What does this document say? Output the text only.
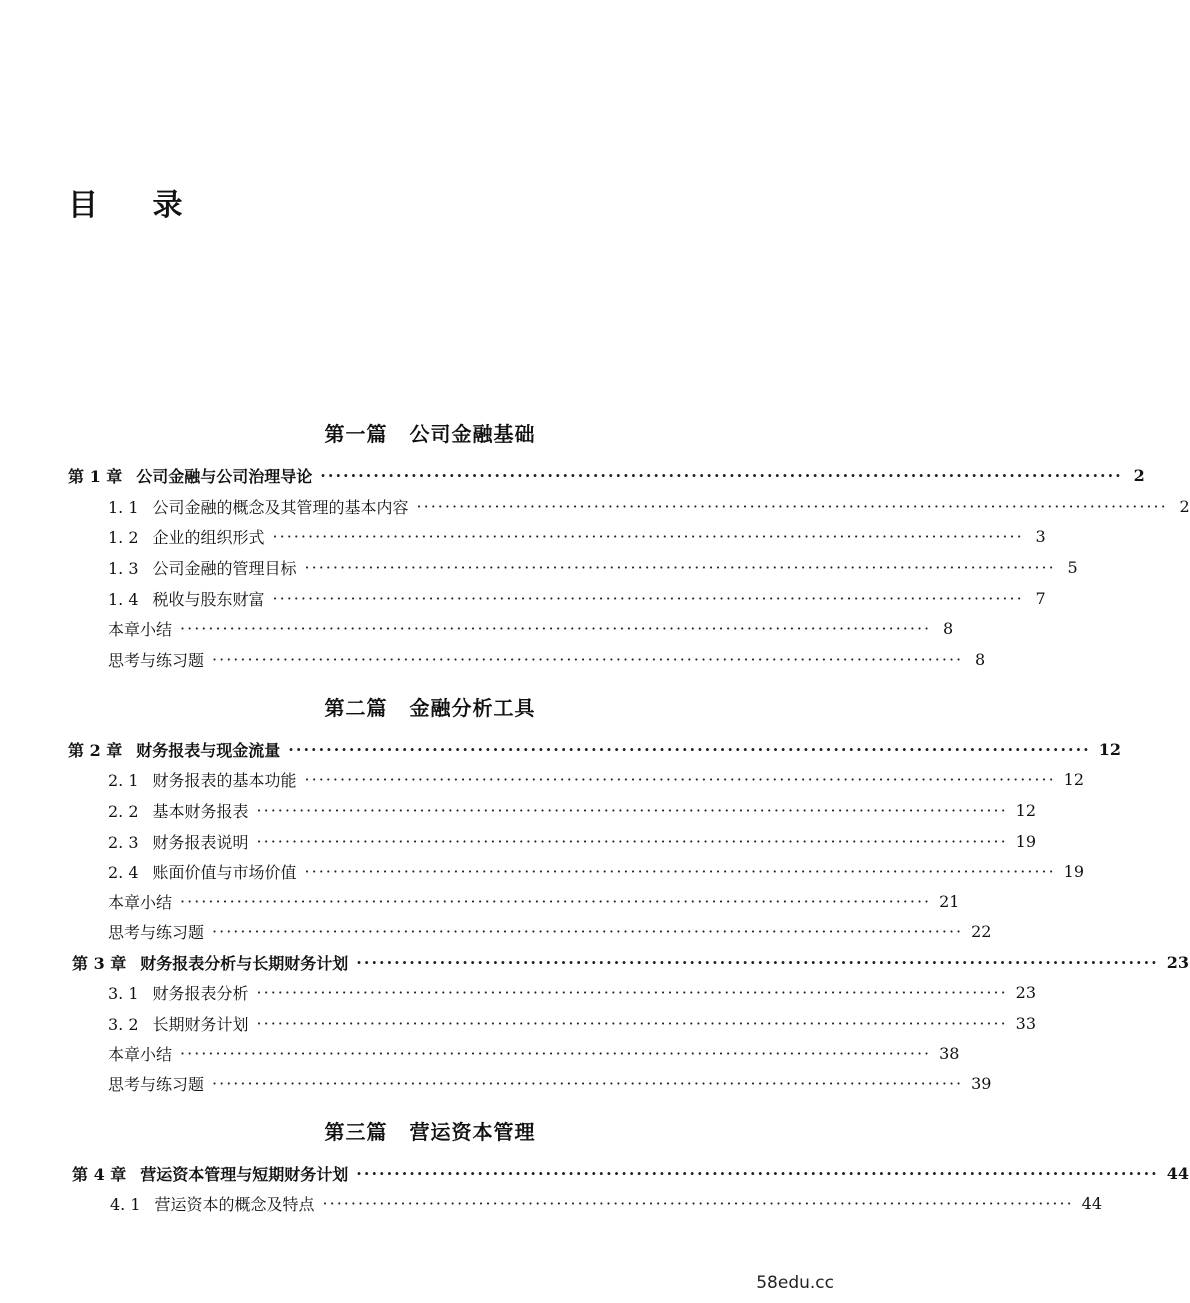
目 录
第一篇 公司金融基础
第 1 章 公司金融与公司治理导论 ·········································································································· 2
1. 1 公司金融的概念及其管理的基本内容 ·········································································································· 2
1. 2 企业的组织形式 ·········································································································· 3
1. 3 公司金融的管理目标 ·········································································································· 5
1. 4 税收与股东财富 ·········································································································· 7
本章小结 ·········································································································· 8
思考与练习题 ·········································································································· 8
第二篇 金融分析工具
第 2 章 财务报表与现金流量 ·········································································································· 12
2. 1 财务报表的基本功能 ·········································································································· 12
2. 2 基本财务报表 ·········································································································· 12
2. 3 财务报表说明 ·········································································································· 19
2. 4 账面价值与市场价值 ·········································································································· 19
本章小结 ·········································································································· 21
思考与练习题 ·········································································································· 22
第 3 章 财务报表分析与长期财务计划 ·········································································································· 23
3. 1 财务报表分析 ·········································································································· 23
3. 2 长期财务计划 ·········································································································· 33
本章小结 ·········································································································· 38
思考与练习题 ·········································································································· 39
第三篇 营运资本管理
第 4 章 营运资本管理与短期财务计划 ·········································································································· 44
4. 1 营运资本的概念及特点 ·········································································································· 44
58edu.cc
